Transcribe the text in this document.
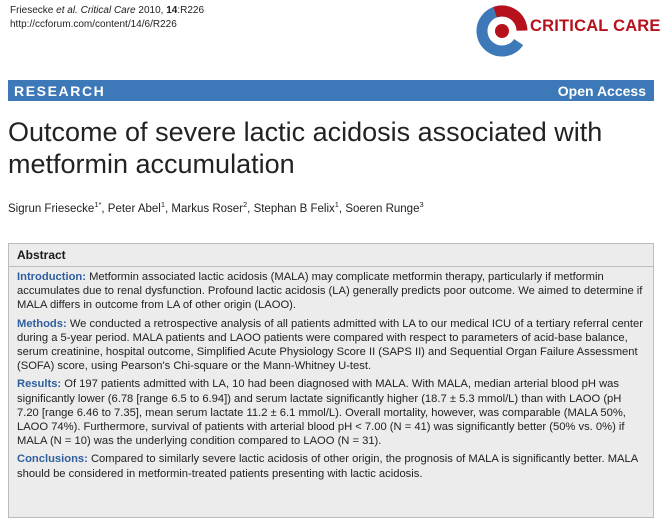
Friesecke et al. Critical Care 2010, 14:R226
http://ccforum.com/content/14/6/R226	CRITICAL CARE
RESEARCH	Open Access
Outcome of severe lactic acidosis associated with metformin accumulation
Sigrun Friesecke$^{1*}$, Peter Abel$^1$, Markus Roser$^2$, Stephan B Felix$^1$, Soeren Runge$^3$
Abstract

Introduction: Metformin associated lactic acidosis (MALA) may complicate metformin therapy, particularly if metformin accumulates due to renal dysfunction. Profound lactic acidosis (LA) generally predicts poor outcome. We aimed to determine if MALA differs in outcome from LA of other origin (LAOO).

Methods: We conducted a retrospective analysis of all patients admitted with LA to our medical ICU of a tertiary referral center during a 5-year period. MALA patients and LAOO patients were compared with respect to parameters of acid-base balance, serum creatinine, hospital outcome, Simplified Acute Physiology Score II (SAPS II) and Sequential Organ Failure Assessment (SOFA) score, using Pearson's Chi-square or the Mann-Whitney U-test.

Results: Of 197 patients admitted with LA, 10 had been diagnosed with MALA. With MALA, median arterial blood pH was significantly lower (6.78 [range 6.5 to 6.94]) and serum lactate significantly higher (18.7 ± 5.3 mmol/L) than with LAOO (pH 7.20 [range 6.46 to 7.35], mean serum lactate 11.2 ± 6.1 mmol/L). Overall mortality, however, was comparable (MALA 50%, LAOO 74%). Furthermore, survival of patients with arterial blood pH < 7.00 (N = 41) was significantly better (50% vs. 0%) if MALA (N = 10) was the underlying condition compared to LAOO (N = 31).

Conclusions: Compared to similarly severe lactic acidosis of other origin, the prognosis of MALA is significantly better. MALA should be considered in metformin-treated patients presenting with lactic acidosis.
